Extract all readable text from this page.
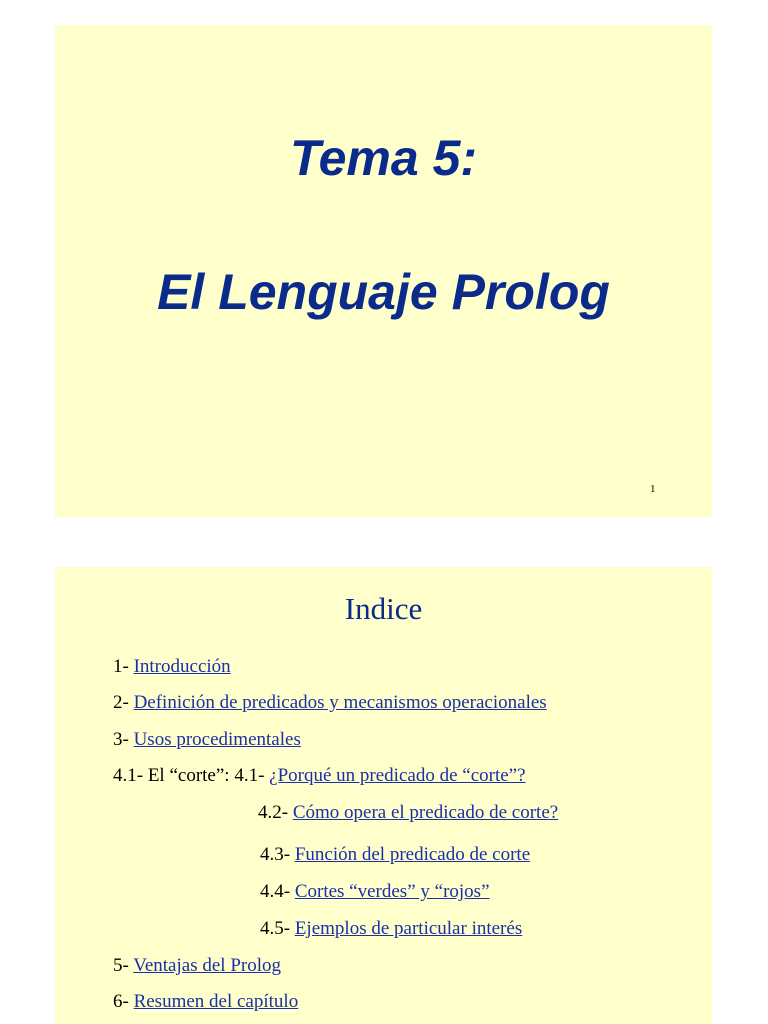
Tema 5:
El Lenguaje Prolog
1
Indice
1- Introducción
2- Definición de predicados y mecanismos operacionales
3- Usos procedimentales
4.1- El “corte”: 4.1- ¿Porqué un predicado de “corte”?
4.2- Cómo opera el predicado de corte?
4.3- Función del predicado de corte
4.4- Cortes “verdes” y “rojos”
4.5- Ejemplos de particular interés
5- Ventajas del Prolog
6- Resumen del capítulo
